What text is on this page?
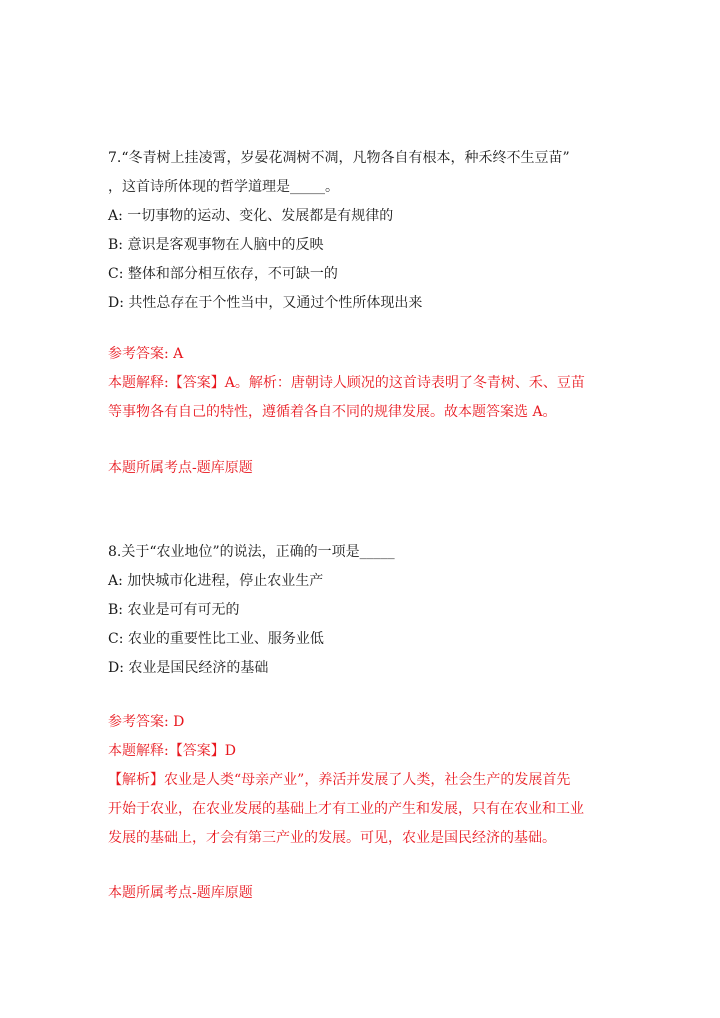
7.“冬青树上挂凌霄，岁晏花凋树不凋，凡物各自有根本，种禾终不生豆苗”
，这首诗所体现的哲学道理是_____。
A: 一切事物的运动、变化、发展都是有规律的
B: 意识是客观事物在人脑中的反映
C: 整体和部分相互依存，不可缺一的
D: 共性总存在于个性当中，又通过个性所体现出来
参考答案: A
本题解释:【答案】A。解析：唐朝诗人顾况的这首诗表明了冬青树、禾、豆苗
等事物各有自己的特性，遵循着各自不同的规律发展。故本题答案选 A。
本题所属考点-题库原题
8.关于“农业地位”的说法，正确的一项是_____
A: 加快城市化进程，停止农业生产
B: 农业是可有可无的
C: 农业的重要性比工业、服务业低
D: 农业是国民经济的基础
参考答案: D
本题解释:【答案】D
【解析】农业是人类“母亲产业”，养活并发展了人类，社会生产的发展首先
开始于农业，在农业发展的基础上才有工业的产生和发展，只有在农业和工业
发展的基础上，才会有第三产业的发展。可见，农业是国民经济的基础。
本题所属考点-题库原题
